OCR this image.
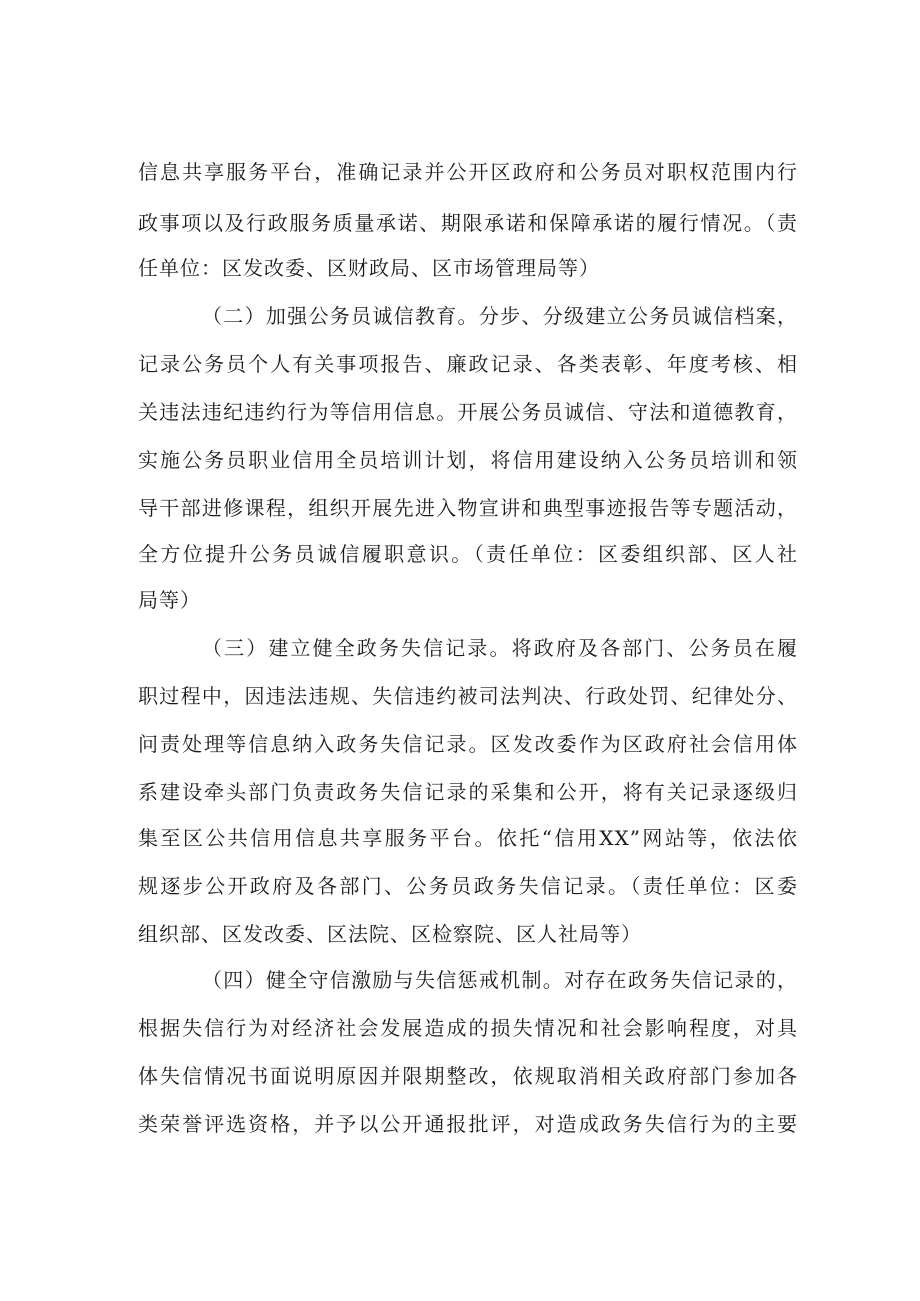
信息共享服务平台，准确记录并公开区政府和公务员对职权范围内行
政事项以及行政服务质量承诺、期限承诺和保障承诺的履行情况。（责
任单位：区发改委、区财政局、区市场管理局等）
（二）加强公务员诚信教育。分步、分级建立公务员诚信档案，
记录公务员个人有关事项报告、廉政记录、各类表彰、年度考核、相
关违法违纪违约行为等信用信息。开展公务员诚信、守法和道德教育，
实施公务员职业信用全员培训计划，将信用建设纳入公务员培训和领
导干部进修课程，组织开展先进入物宣讲和典型事迹报告等专题活动，
全方位提升公务员诚信履职意识。（责任单位：区委组织部、区人社
局等）
（三）建立健全政务失信记录。将政府及各部门、公务员在履
职过程中，因违法违规、失信违约被司法判决、行政处罚、纪律处分、
问责处理等信息纳入政务失信记录。区发改委作为区政府社会信用体
系建设牵头部门负责政务失信记录的采集和公开，将有关记录逐级归
集至区公共信用信息共享服务平台。依托“信用XX”网站等，依法依
规逐步公开政府及各部门、公务员政务失信记录。（责任单位：区委
组织部、区发改委、区法院、区检察院、区人社局等）
（四）健全守信激励与失信惩戒机制。对存在政务失信记录的，
根据失信行为对经济社会发展造成的损失情况和社会影响程度，对具
体失信情况书面说明原因并限期整改，依规取消相关政府部门参加各
类荣誉评选资格，并予以公开通报批评，对造成政务失信行为的主要
